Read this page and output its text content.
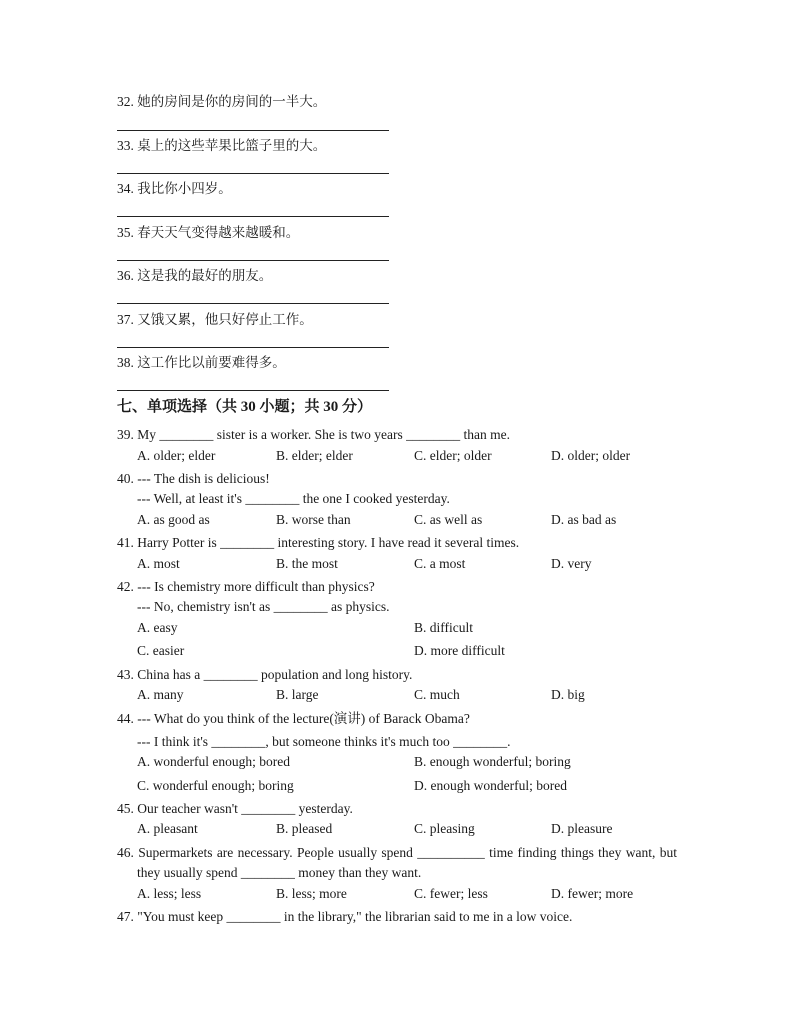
32. 她的房间是你的房间的一半大。
33. 桌上的这些苹果比篮子里的大。
34. 我比你小四岁。
35. 春天天气变得越来越暖和。
36. 这是我的最好的朋友。
37. 又饿又累，他只好停止工作。
38. 这工作比以前要难得多。
七、单项选择（共 30 小题；共 30 分）
39. My ________ sister is a worker. She is two years ________ than me.
A. older; elder	B. elder; elder	C. elder; older	D. older; older
40. --- The dish is delicious!
--- Well, at least it's ________ the one I cooked yesterday.
A. as good as	B. worse than	C. as well as	D. as bad as
41. Harry Potter is ________ interesting story. I have read it several times.
A. most	B. the most	C. a most	D. very
42. --- Is chemistry more difficult than physics?
--- No, chemistry isn't as ________ as physics.
A. easy	B. difficult
C. easier	D. more difficult
43. China has a ________ population and long history.
A. many	B. large	C. much	D. big
44. --- What do you think of the lecture(演讲) of Barack Obama?
--- I think it's ________, but someone thinks it's much too ________.
A. wonderful enough; bored	B. enough wonderful; boring
C. wonderful enough; boring	D. enough wonderful; bored
45. Our teacher wasn't ________ yesterday.
A. pleasant	B. pleased	C. pleasing	D. pleasure
46. Supermarkets are necessary. People usually spend __________ time finding things they want, but
they usually spend ________ money than they want.
A. less; less	B. less; more	C. fewer; less	D. fewer; more
47. "You must keep ________ in the library," the librarian said to me in a low voice.
